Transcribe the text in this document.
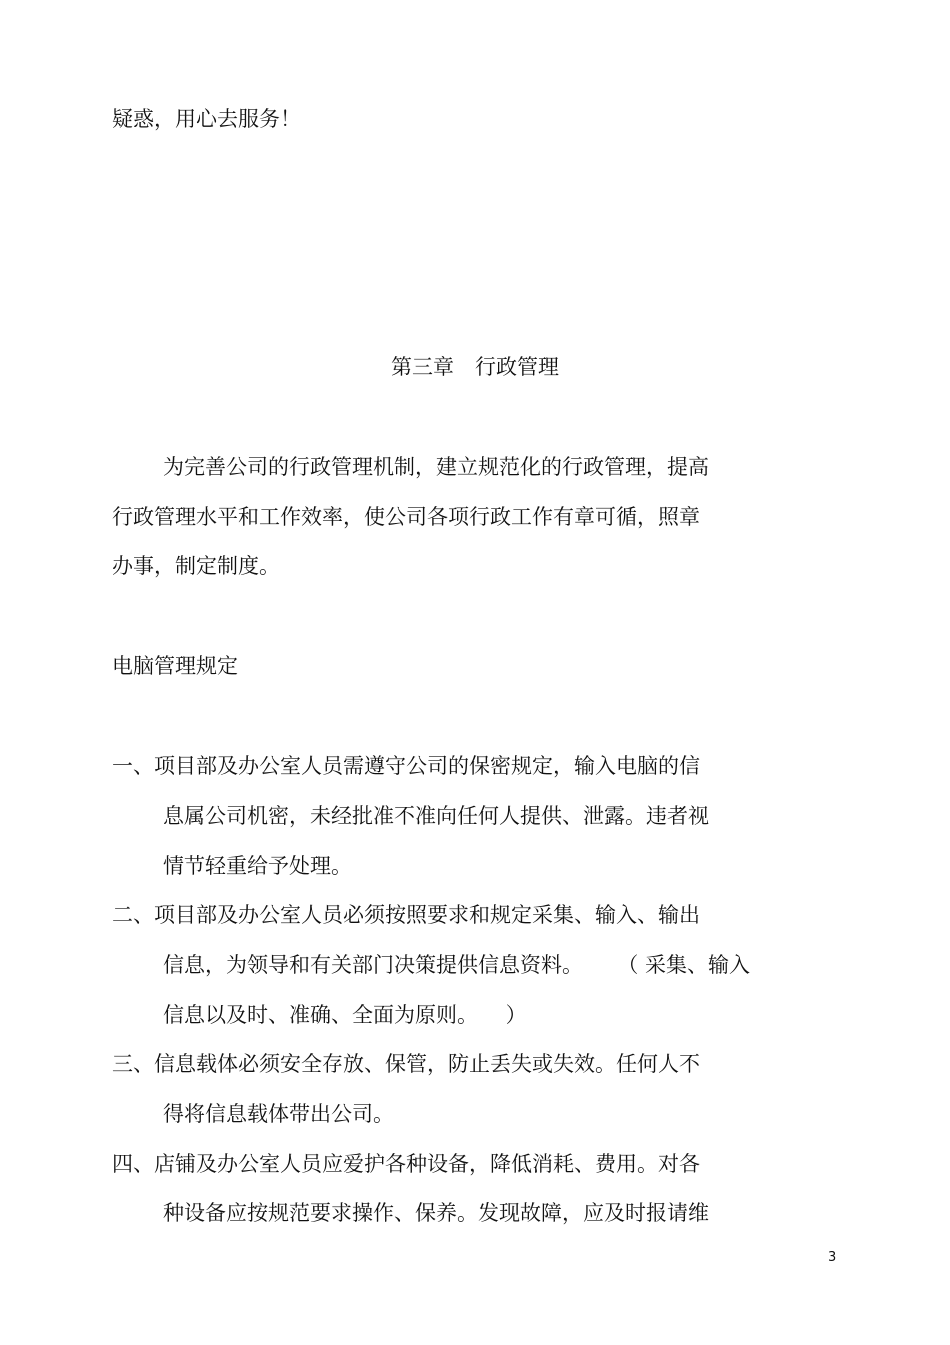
疑惑，用心去服务！
第三章　行政管理
为完善公司的行政管理机制，建立规范化的行政管理，提高
行政管理水平和工作效率，使公司各项行政工作有章可循，照章
办事，制定制度。
电脑管理规定
一、项目部及办公室人员需遵守公司的保密规定，输入电脑的信
息属公司机密，未经批准不准向任何人提供、泄露。违者视
情节轻重给予处理。
二、项目部及办公室人员必须按照要求和规定采集、输入、输出
信息，为领导和有关部门决策提供信息资料。 　 （ 采集、输入
信息以及时、准确、全面为原则。 　）
三、信息载体必须安全存放、保管，防止丢失或失效。任何人不
得将信息载体带出公司。
四、店铺及办公室人员应爱护各种设备，降低消耗、费用。对各
种设备应按规范要求操作、保养。发现故障，应及时报请维
3
